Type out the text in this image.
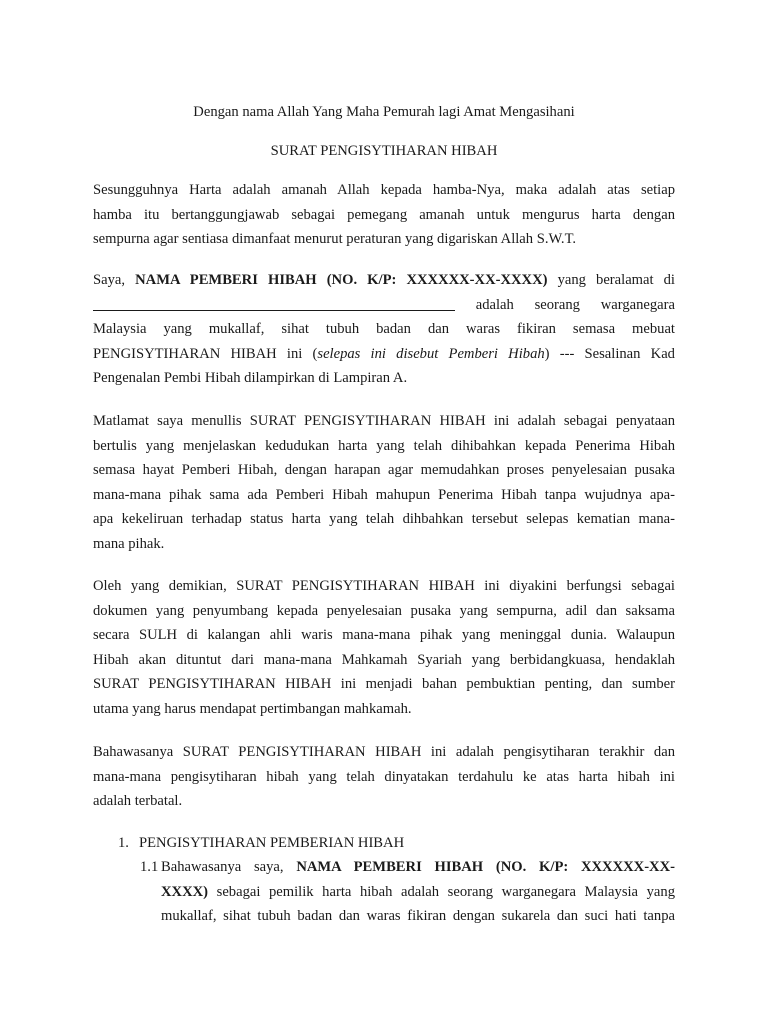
Dengan nama Allah Yang Maha Pemurah lagi Amat Mengasihani
SURAT PENGISYTIHARAN HIBAH
Sesungguhnya Harta adalah amanah Allah kepada hamba-Nya, maka adalah atas setiap
hamba itu bertanggungjawab sebagai pemegang amanah untuk mengurus harta dengan
sempurna agar sentiasa dimanfaat menurut peraturan yang digariskan Allah S.W.T.
Saya, NAMA PEMBERI HIBAH (NO. K/P: XXXXXX-XX-XXXX) yang beralamat di
adalah seorang warganegara
Malaysia yang mukallaf, sihat tubuh badan dan waras fikiran semasa mebuat
PENGISYTIHARAN HIBAH ini (selepas ini disebut Pemberi Hibah) --- Sesalinan Kad
Pengenalan Pembi Hibah dilampirkan di Lampiran A.
Matlamat saya menullis SURAT PENGISYTIHARAN HIBAH ini adalah sebagai penyataan
bertulis yang menjelaskan kedudukan harta yang telah dihibahkan kepada Penerima Hibah
semasa hayat Pemberi Hibah, dengan harapan agar memudahkan proses penyelesaian pusaka
mana-mana pihak sama ada Pemberi Hibah mahupun Penerima Hibah tanpa wujudnya apa-
apa kekeliruan terhadap status harta yang telah dihbahkan tersebut selepas kematian mana-
mana pihak.
Oleh yang demikian, SURAT PENGISYTIHARAN HIBAH ini diyakini berfungsi sebagai
dokumen yang penyumbang kepada penyelesaian pusaka yang sempurna, adil dan saksama
secara SULH di kalangan ahli waris mana-mana pihak yang meninggal dunia. Walaupun
Hibah akan dituntut dari mana-mana Mahkamah Syariah yang berbidangkuasa, hendaklah
SURAT PENGISYTIHARAN HIBAH ini menjadi bahan pembuktian penting, dan sumber
utama yang harus mendapat pertimbangan mahkamah.
Bahawasanya SURAT PENGISYTIHARAN HIBAH ini adalah pengisytiharan terakhir dan
mana-mana pengisytiharan hibah yang telah dinyatakan terdahulu ke atas harta hibah ini
adalah terbatal.
1. PENGISYTIHARAN PEMBERIAN HIBAH
1.1 Bahawasanya saya, NAMA PEMBERI HIBAH (NO. K/P: XXXXXX-XX-
XXXX) sebagai pemilik harta hibah adalah seorang warganegara Malaysia yang
mukallaf, sihat tubuh badan dan waras fikiran dengan sukarela dan suci hati tanpa
